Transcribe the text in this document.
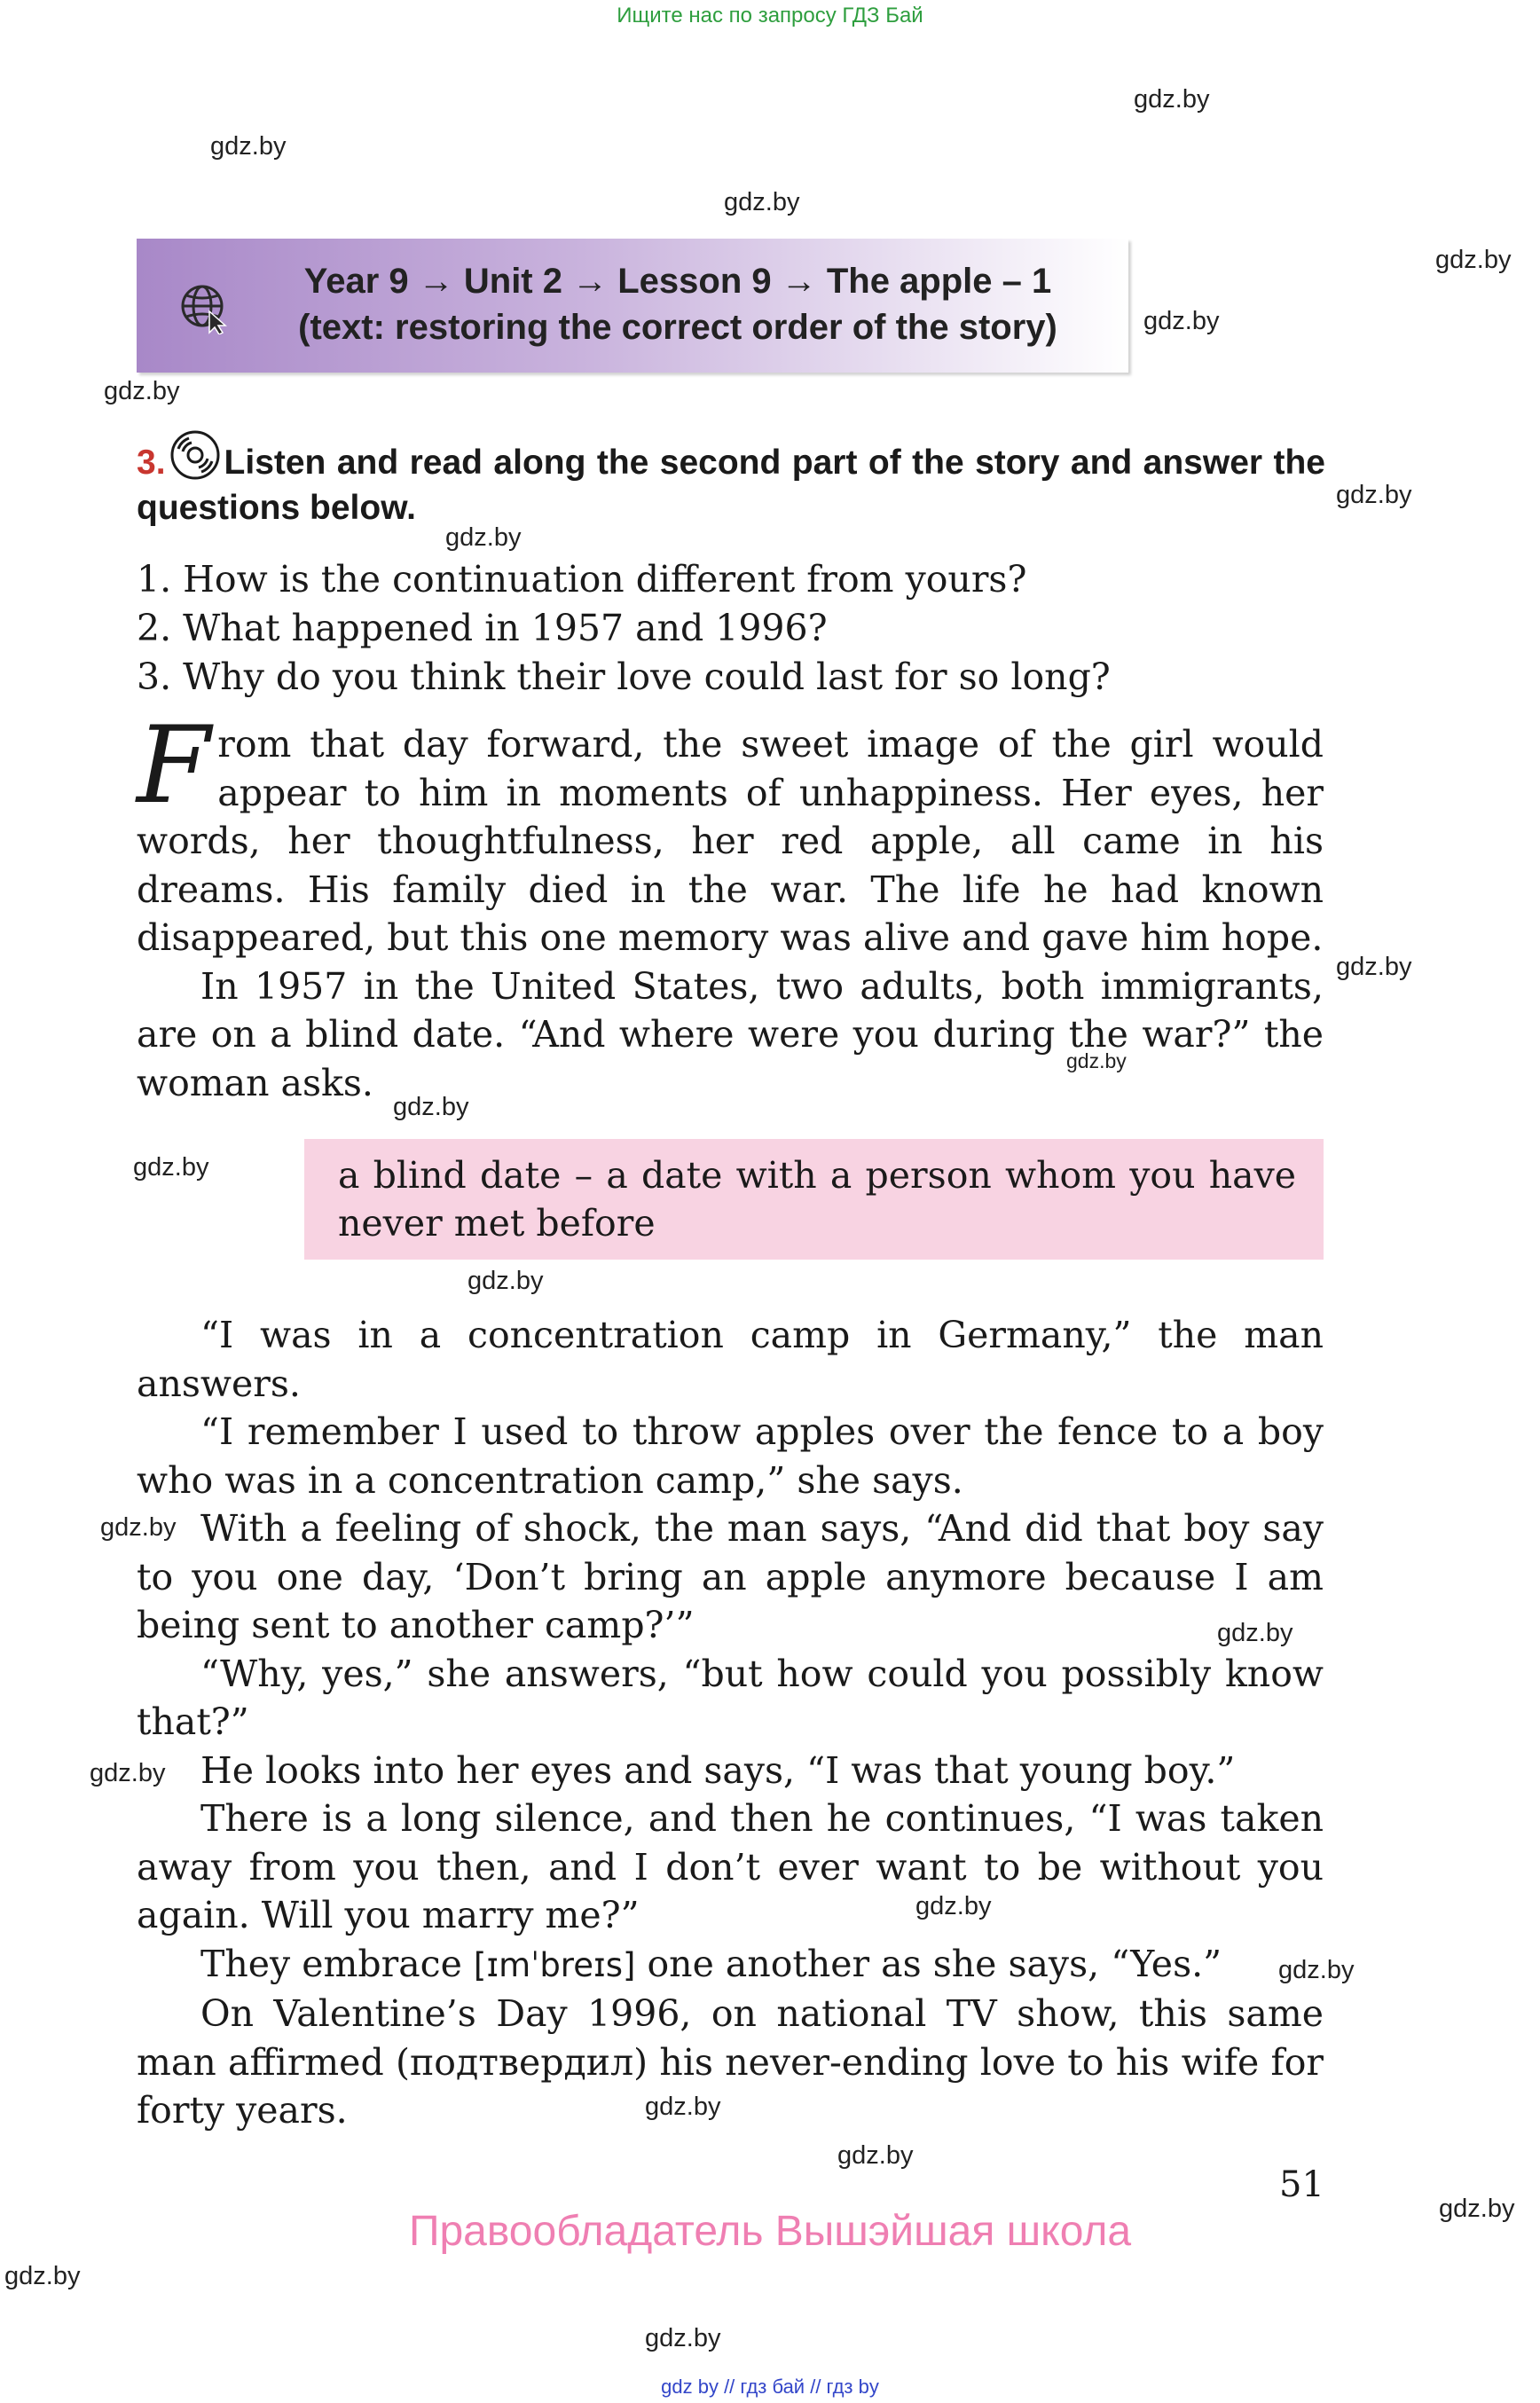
Ищите нас по запросу ГДЗ Бай
gdz.by
gdz.by
gdz.by
gdz.by
gdz.by
gdz.by
gdz.by
gdz.by
gdz.by
gdz.by
gdz.by
gdz.by
gdz.by
gdz.by
gdz.by
gdz.by
gdz.by
gdz.by
gdz.by
gdz.by
gdz.by
gdz.by
gdz.by
Year 9 → Unit 2 → Lesson 9 → The apple – 1
(text: restoring the correct order of the story)
3. Listen and read along the second part of the story and answer the questions below.
1. How is the continuation different from yours?
2. What happened in 1957 and 1996?
3. Why do you think their love could last for so long?

From that day forward, the sweet image of the girl would appear to him in moments of unhappiness. Her eyes, her words, her thoughtfulness, her red apple, all came in his dreams. His family died in the war. The life he had known disappeared, but this one memory was alive and gave him hope.

In 1957 in the United States, two adults, both immigrants, are on a blind date. “And where were you during the war?” the woman asks.

a blind date – a date with a person whom you have never met before

“I was in a concentration camp in Germany,” the man answers.

“I remember I used to throw apples over the fence to a boy who was in a concentration camp,” she says.

With a feeling of shock, the man says, “And did that boy say to you one day, ‘Don’t bring an apple anymore because I am being sent to another camp?’”

“Why, yes,” she answers, “but how could you possibly know that?”

He looks into her eyes and says, “I was that young boy.”

There is a long silence, and then he continues, “I was taken away from you then, and I don’t ever want to be without you again. Will you marry me?”

They embrace [ɪmˈbreɪs] one another as she says, “Yes.”

On Valentine’s Day 1996, on national TV show, this same man affirmed (подтвердил) his never-ending love to his wife for forty years.

51
Правообладатель Вышэйшая школа
gdz by // гдз бай // гдз by
